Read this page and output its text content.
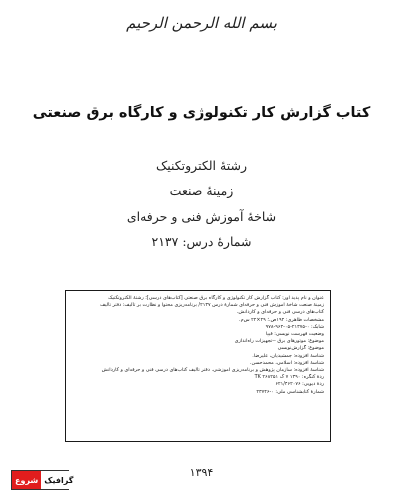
بسم الله الرحمن الرحیم
کتاب گزارش کار تکنولوژی و کارگاه برق صنعتی
رشتهٔ الکتروتکنیک
زمینهٔ صنعت
شاخهٔ آموزش فنی و حرفه‌ای
شمارهٔ درس: ۲۱۳۷
عنوان و نام پدید آور: کتاب گزارش کار تکنولوژی و کارگاه برق صنعتی [کتاب‌های درسی]؛ رشتهٔ الکتروتکنیک
زمینهٔ صنعت شاخهٔ آموزش فنی و حرفه‌ای شمارهٔ درس ۲۱۳۷/ برنامه‌ریزی محتوا و نظارت بر تألیف: دفتر تألیف
کتاب‌های درسی فنی و حرفه‌ای و کاردانش.
مشخصات ظاهری: ۱۹۲ص.؛ ۲۹×۲۲ س‌م.
شابک: ۰-۲۱۳۷۵-۰۵-۹۶۴-۹۷۸
وضعیت فهرست نویسی: فیپا
موضوع: موتورهای برق --تجهیزات راه‌اندازی
موضوع: گزارش‌نویسی
شناسهٔ افزوده: جمشیدیان، علیرضا.
شناسهٔ افزوده: اسلامی، محمدحسن.
شناسهٔ افزوده: سازمان پژوهش و برنامه‌ریزی آموزشی. دفتر تألیف کتاب‌های درسی فنی و حرفه‌ای و کاردانش
ردهٔ کنگره: ۱۳۹۰ ۷ ک ۲۶۸۲۵۱ TK
ردهٔ دیویی: ۶۲۱/۴۶۲۰۷۶
شمارهٔ کتابشناسی ملی: ۰-۲۳۷۴۶
۱۳۹۴
شروع گرافیک
